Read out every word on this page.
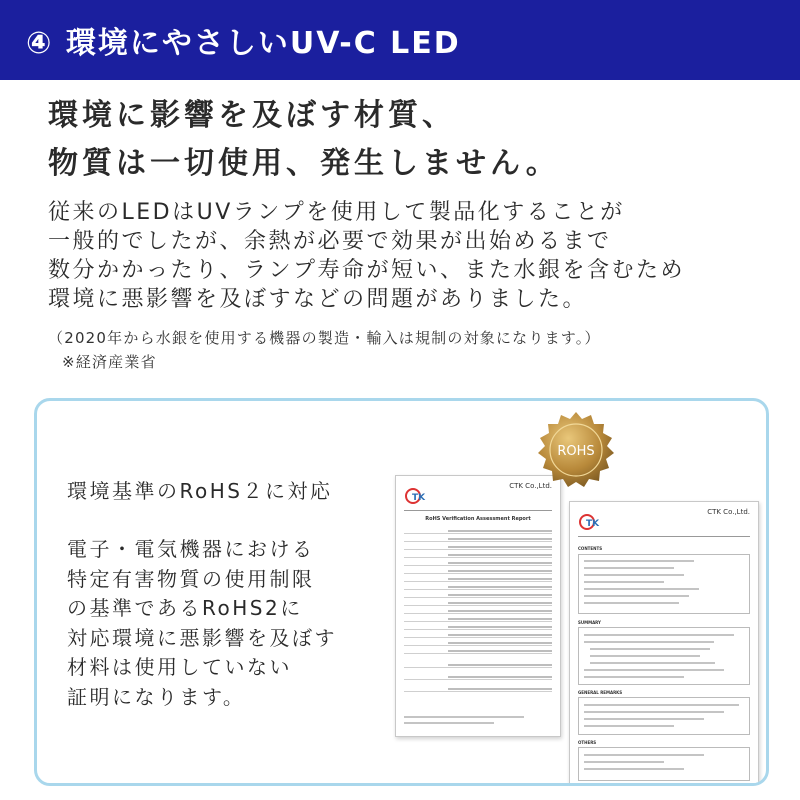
④ 環境にやさしいUV-C LED
環境に影響を及ぼす材質、
物質は一切使用、発生しません。
従来のLEDはUVランプを使用して製品化することが
一般的でしたが、余熱が必要で効果が出始めるまで
数分かかったり、ランプ寿命が短い、また水銀を含むため
環境に悪影響を及ぼすなどの問題がありました。
（2020年から水銀を使用する機器の製造・輸入は規制の対象になります。）
※経済産業省
環境基準のRoHS２に対応
電子・電気機器における
特定有害物質の使用制限
の基準であるRoHS2に
対応環境に悪影響を及ぼす
材料は使用していない
証明になります。
TK
CTK Co.,Ltd.
RoHS Verification Assessment Report	TK
CTK Co.,Ltd.
CONTENTS
SUMMARY
GENERAL REMARKS
OTHERS
ROHS
